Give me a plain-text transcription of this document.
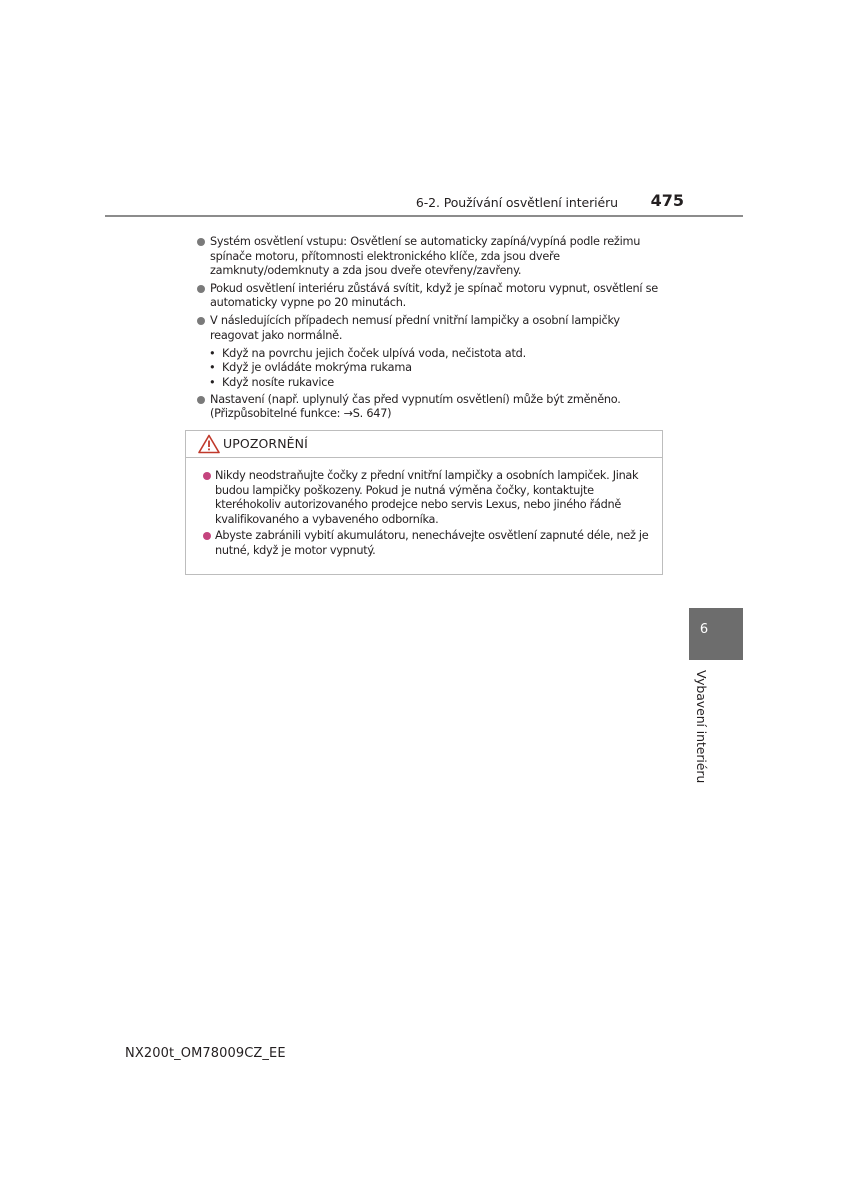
6-2. Používání osvětlení interiéru	475
Systém osvětlení vstupu: Osvětlení se automaticky zapíná/vypíná podle režimu spínače motoru, přítomnosti elektronického klíče, zda jsou dveře zamknuty/odemknuty a zda jsou dveře otevřeny/zavřeny.
Pokud osvětlení interiéru zůstává svítit, když je spínač motoru vypnut, osvětlení se automaticky vypne po 20 minutách.
V následujících případech nemusí přední vnitřní lampičky a osobní lampičky reagovat jako normálně.
• Když na povrchu jejich čoček ulpívá voda, nečistota atd.
• Když je ovládáte mokrýma rukama
• Když nosíte rukavice
Nastavení (např. uplynulý čas před vypnutím osvětlení) může být změněno.
(Přizpůsobitelné funkce: →S. 647)
UPOZORNĚNÍ
Nikdy neodstraňujte čočky z přední vnitřní lampičky a osobních lampiček. Jinak budou lampičky poškozeny. Pokud je nutná výměna čočky, kontaktujte kteréhokoliv autorizovaného prodejce nebo servis Lexus, nebo jiného řádně kvalifikovaného a vybaveného odborníka.
Abyste zabránili vybití akumulátoru, nenechávejte osvětlení zapnuté déle, než je nutné, když je motor vypnutý.
6
Vybavení interiéru
NX200t_OM78009CZ_EE
